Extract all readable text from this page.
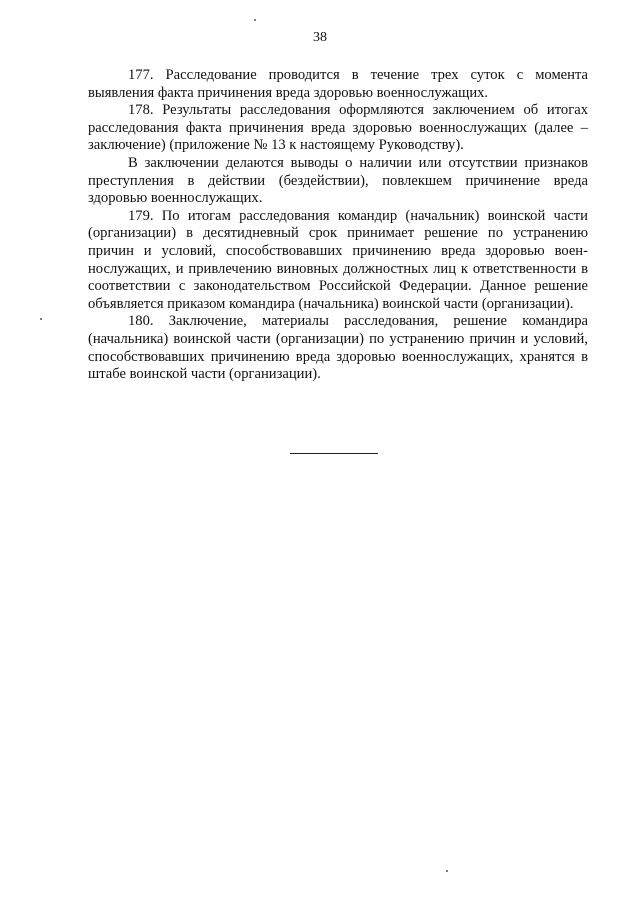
38

177. Расследование проводится в течение трех суток с момента выявления факта причинения вреда здоровью военнослужащих.

178. Результаты расследования оформляются заключением об итогах расследования факта причинения вреда здоровью военнослужащих (далее – заключение) (приложение № 13 к настоящему Руководству).

В заключении делаются выводы о наличии или отсутствии признаков преступления в действии (бездействии), повлекшем причинение вреда здоровью военнослужащих.

179. По итогам расследования командир (начальник) воинской части (организации) в десятидневный срок принимает решение по устранению причин и условий, способствовавших причинению вреда здоровью военнослужащих, и привлечению виновных должностных лиц к ответственности в соответствии с законодательством Российской Федерации. Данное решение объявляется приказом командира (начальника) воинской части (организации).

180. Заключение, материалы расследования, решение командира (начальника) воинской части (организации) по устранению причин и условий, способствовавших причинению вреда здоровью военнослужащих, хранятся в штабе воинской части (организации).
